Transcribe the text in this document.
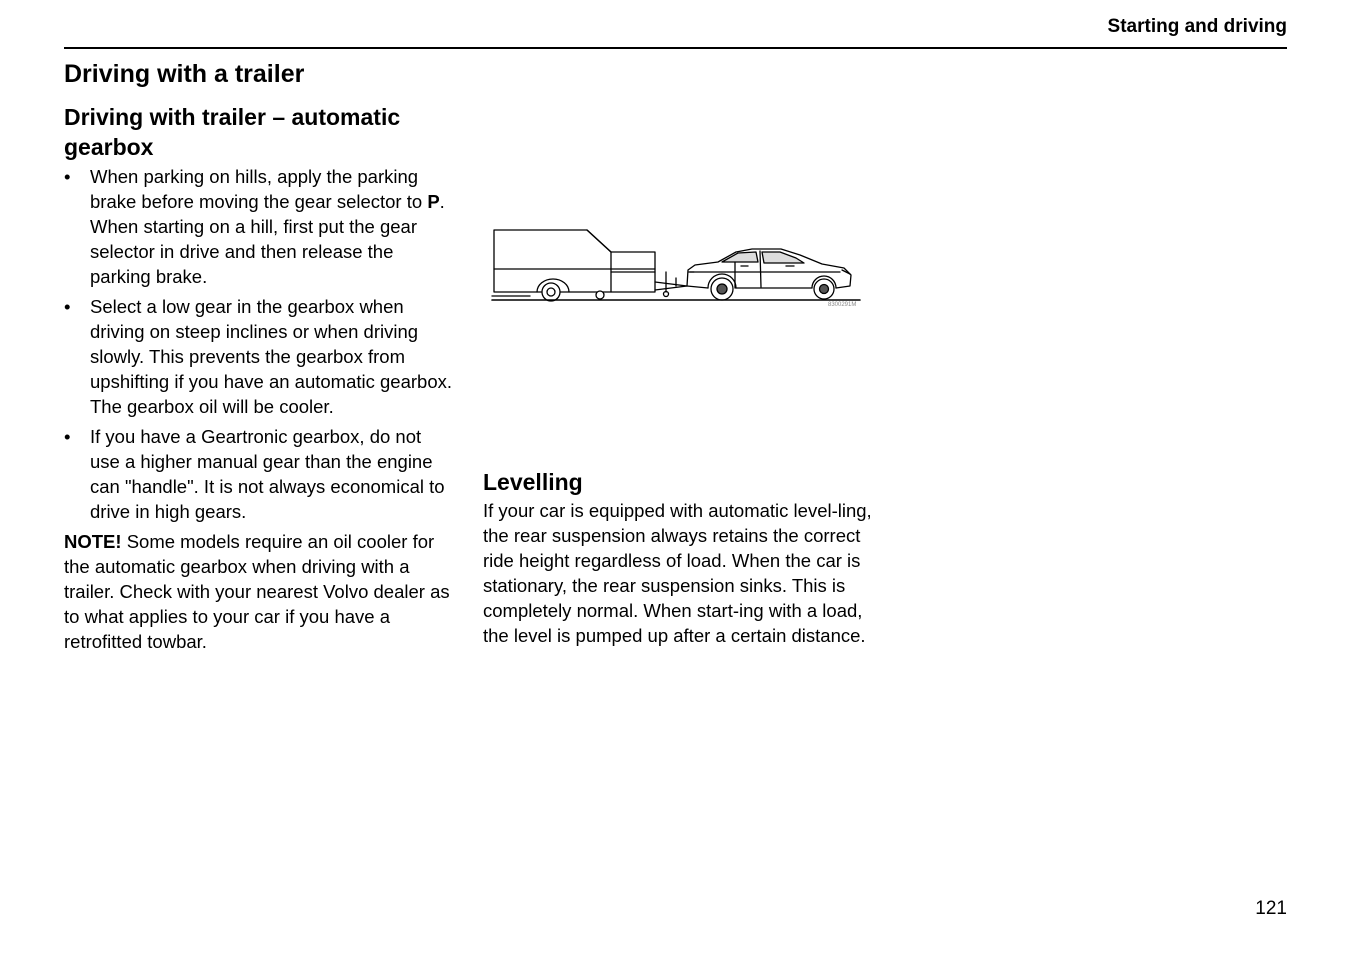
Starting and driving
Driving with a trailer
Driving with trailer – automatic gearbox
• When parking on hills, apply the parking brake before moving the gear selector to P. When starting on a hill, first put the gear selector in drive and then release the parking brake.
• Select a low gear in the gearbox when driving on steep inclines or when driving slowly. This prevents the gearbox from upshifting if you have an automatic gearbox. The gearbox oil will be cooler.
• If you have a Geartronic gearbox, do not use a higher manual gear than the engine can "handle". It is not always economical to drive in high gears.

NOTE! Some models require an oil cooler for the automatic gearbox when driving with a trailer. Check with your nearest Volvo dealer as to what applies to your car if you have a retrofitted towbar.

8300291M
Levelling

If your car is equipped with automatic level-ling, the rear suspension always retains the correct ride height regardless of load. When the car is stationary, the rear suspension sinks. This is completely normal. When start-ing with a load, the level is pumped up after a certain distance.

121
